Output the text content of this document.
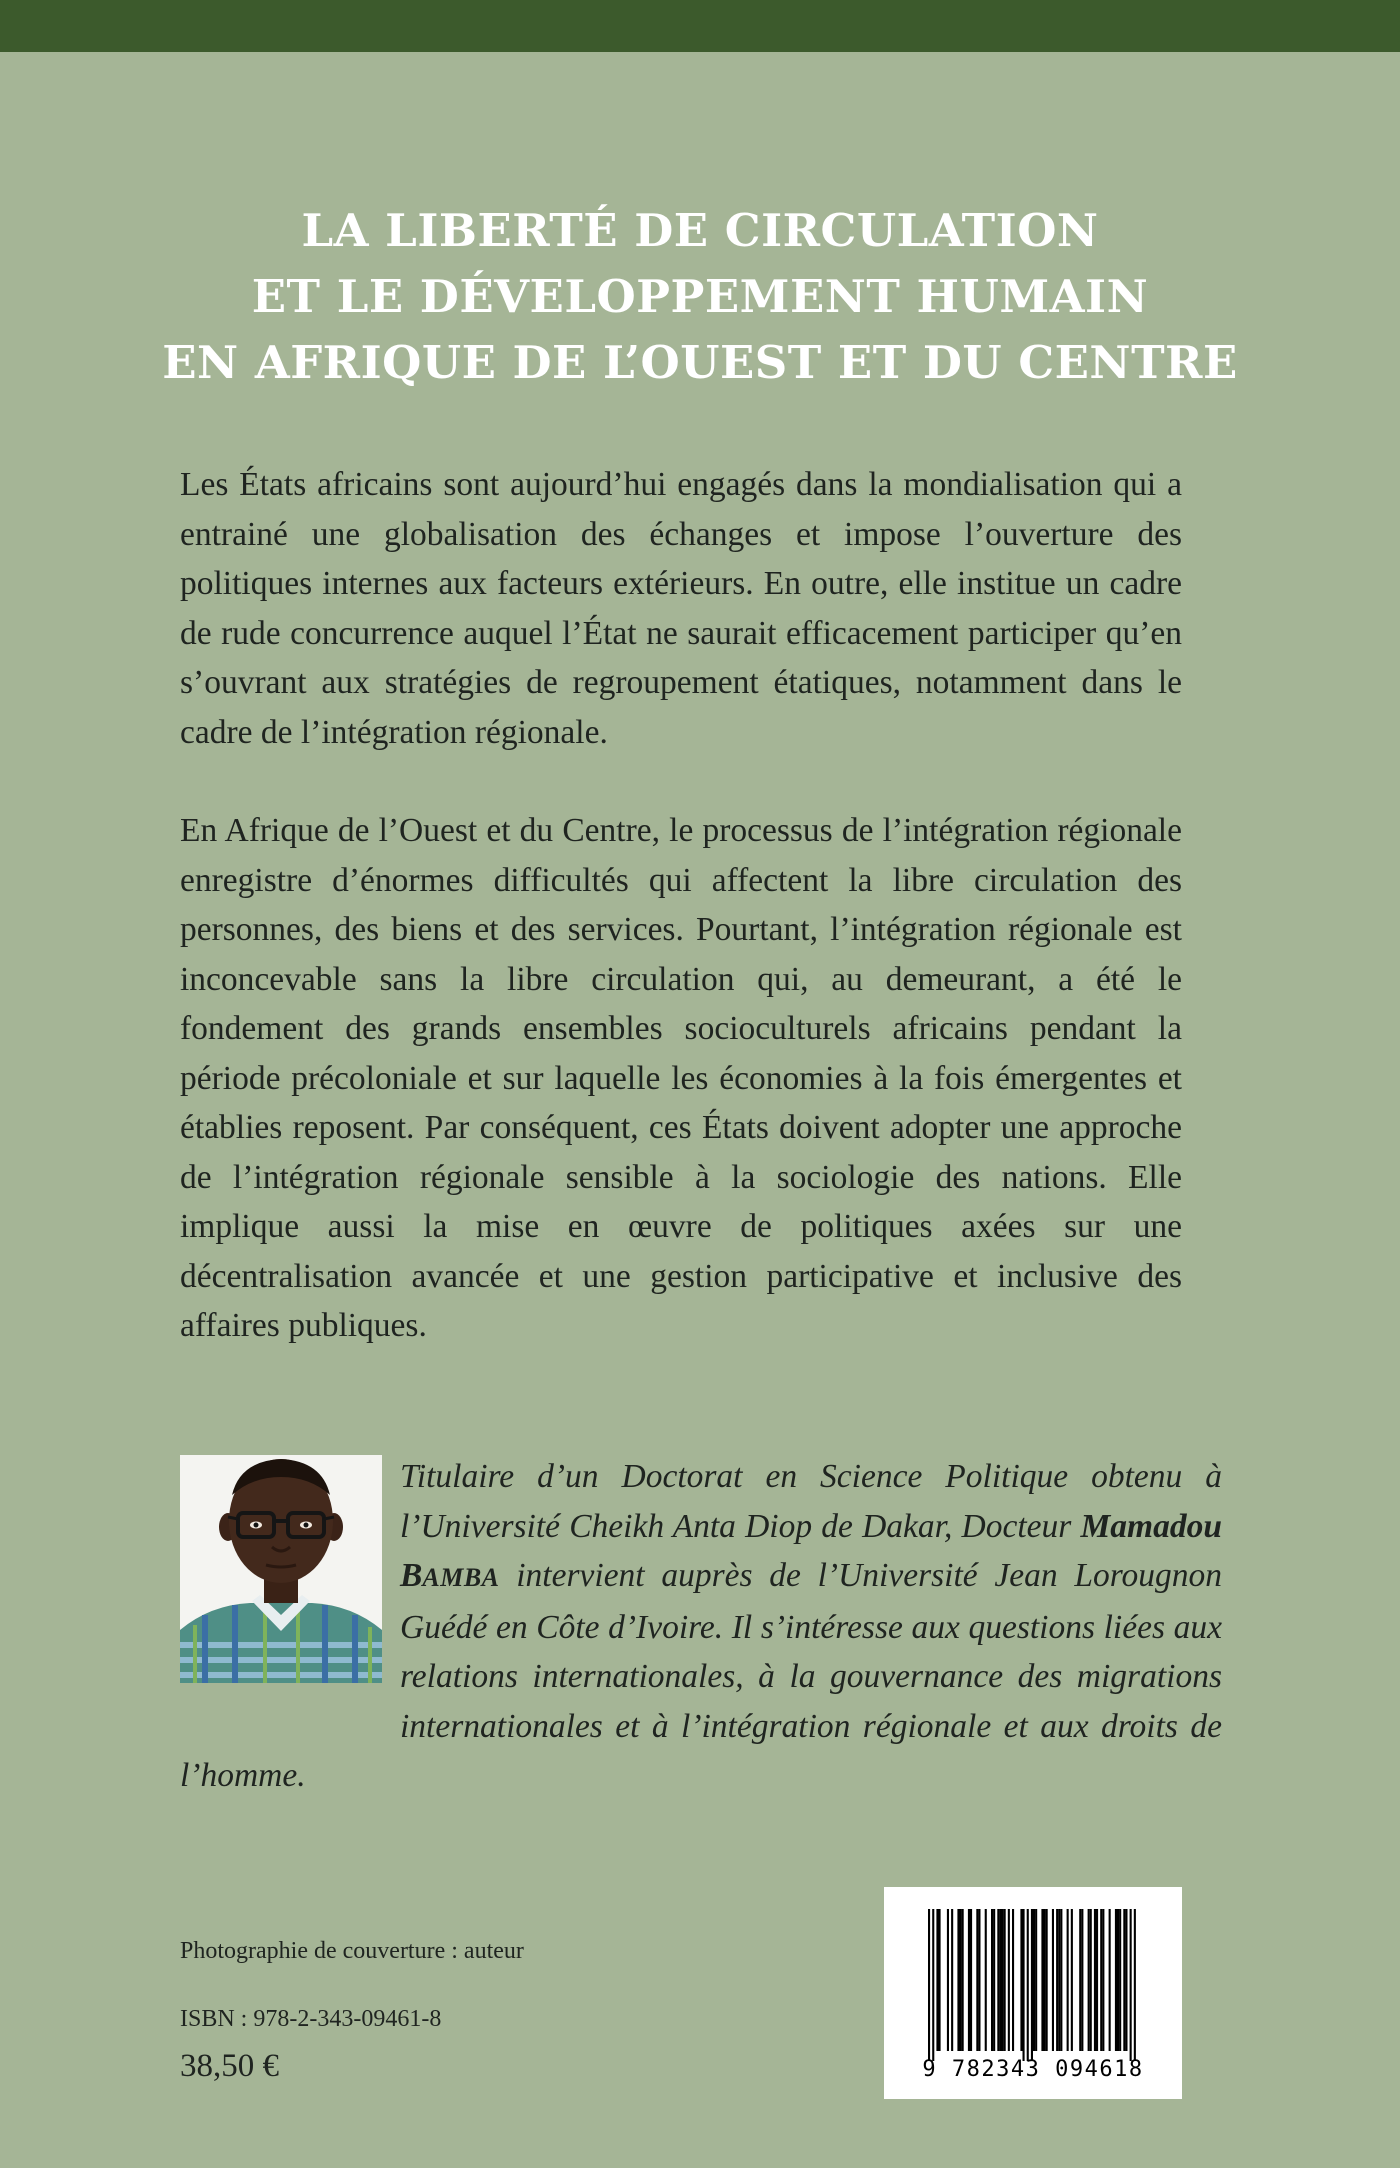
LA LIBERTÉ DE CIRCULATION
ET LE DÉVELOPPEMENT HUMAIN
EN AFRIQUE DE L’OUEST ET DU CENTRE
Les États africains sont aujourd’hui engagés dans la mondialisation qui a entrainé une globalisation des échanges et impose l’ouverture des politiques internes aux facteurs extérieurs. En outre, elle institue un cadre de rude concurrence auquel l’État ne saurait efficacement participer qu’en s’ouvrant aux stratégies de regroupement étatiques, notamment dans le cadre de l’intégration régionale.
En Afrique de l’Ouest et du Centre, le processus de l’intégration régionale enregistre d’énormes difficultés qui affectent la libre circulation des personnes, des biens et des services. Pourtant, l’intégration régionale est inconcevable sans la libre circulation qui, au demeurant, a été le fondement des grands ensembles socioculturels africains pendant la période précoloniale et sur laquelle les économies à la fois émergentes et établies reposent. Par conséquent, ces États doivent adopter une approche de l’intégration régionale sensible à la sociologie des nations. Elle implique aussi la mise en œuvre de politiques axées sur une décentralisation avancée et une gestion participative et inclusive des affaires publiques.
Titulaire d’un Doctorat en Science Politique obtenu à l’Université Cheikh Anta Diop de Dakar, Docteur Mamadou BAMBA intervient auprès de l’Université Jean Lorougnon Guédé en Côte d’Ivoire. Il s’intéresse aux questions liées aux relations internationales, à la gouvernance des migrations internationales et à l’intégration régionale et aux droits de l’homme.
Photographie de couverture : auteur
ISBN : 978-2-343-09461-8
38,50 €	9 782343 094618
